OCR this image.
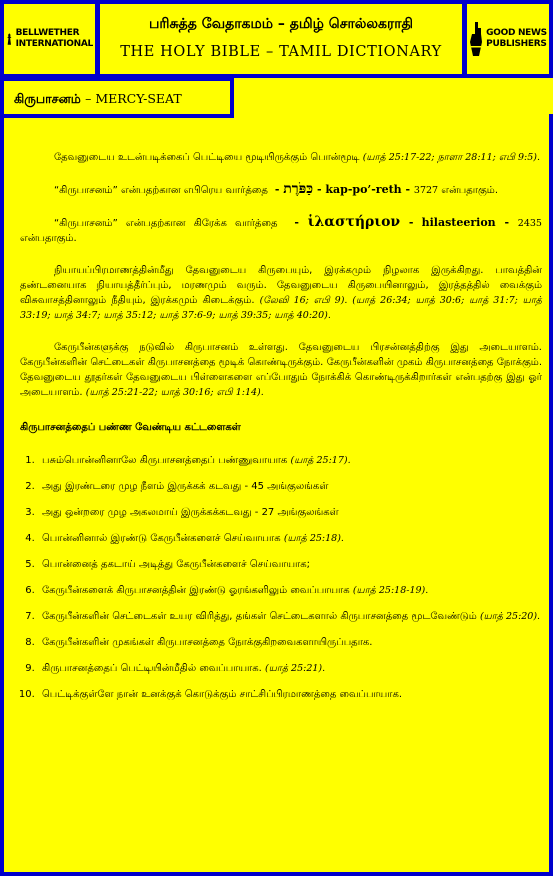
BELLWETHER
INTERNATIONAL
பரிசுத்த வேதாகமம் – தமிழ் சொல்லகராதி
THE HOLY BIBLE – TAMIL DICTIONARY
GOOD NEWS
PUBLISHERS

தேவனுடைய உடன்படிக்கைப் பெட்டியை மூடியிருக்கும் பொன்மூடி (யாத் 25:17-22; நாளா 28:11; எபி 9:5).

“கிருபாசனம்” என்பதற்கான எபிரெய வார்த்தை  - כַּפֹּרֶת - kap-po’-reth - 3727 என்பதாகும்.

“கிருபாசனம்” என்பதற்கான கிரேக்க வார்த்தை  - ἱλαστήριον - hilasteerion - 2435 என்பதாகும்.

நியாயப்பிரமாணத்தின்மீது தேவனுடைய கிருபையும், இரக்கமும் நிழலாக இருக்கிறது. பாவத்தின் தண்டனையாக நியாயத்தீர்ப்பும், மரணமும் வரும். தேவனுடைய கிருபையினாலும், இரத்தத்தில் வைக்கும் விசுவாசத்தினாலும் நீதியும், இரக்கமும் கிடைக்கும். (லேவி 16; எபி 9). (யாத் 26:34; யாத் 30:6; யாத் 31:7; யாத் 33:19; யாத் 34:7; யாத் 35:12; யாத் 37:6-9; யாத் 39:35; யாத் 40:20).

கேருபீன்களுக்கு நடுவில் கிருபாசனம் உள்ளது. தேவனுடைய பிரசன்னத்திற்கு இது அடையாளம். கேருபீன்களின் செட்டைகள் கிருபாசனத்தை மூடிக் கொண்டிருக்கும். கேருபீன்களின் முகம் கிருபாசனத்தை நோக்கும். தேவனுடைய தூதர்கள் தேவனுடைய பிள்ளைகளை எப்போதும் நோக்கிக் கொண்டிருக்கிறார்கள் என்பதற்கு இது ஓர் அடையாளம். (யாத் 25:21-22; யாத் 30:16; எபி 1:14).

கிருபாசனத்தைப் பண்ண வேண்டிய கட்டளைகள்
1. பசும்பொன்னினாலே கிருபாசனத்தைப் பண்ணுவாயாக (யாத் 25:17).
2. அது இரண்டரை முழ நீளம் இருக்கக் கடவது - 45 அங்குலங்கள்
3. அது ஒன்றரை முழ அகலமாய் இருக்கக்கடவது - 27 அங்குலங்கள்
4. பொன்னினால் இரண்டு கேருபீன்களைச் செய்வாயாக (யாத் 25:18).
5. பொன்னைத் தகடாய் அடித்து கேருபீன்களைச் செய்வாயாக;
6. கேருபீன்களைக் கிருபாசனத்தின் இரண்டு ஓரங்களிலும் வைப்பாயாக (யாத் 25:18-19).
7. கேருபீன்களின் செட்டைகள் உயர விரித்து, தங்கள் செட்டைகளால் கிருபாசனத்தை மூடவேண்டும் (யாத் 25:20).
8. கேருபீன்களின் முகங்கள் கிருபாசனத்தை நோக்குகிறவைகளாயிருப்பதாக.
9. கிருபாசனத்தைப் பெட்டியின்மீதில் வைப்பாயாக. (யாத் 25:21).
10. பெட்டிக்குள்ளே நான் உனக்குக் கொடுக்கும் சாட்சிப்பிரமாணத்தை வைப்பாயாக.
கிருபாசனம் – MERCY-SEAT
